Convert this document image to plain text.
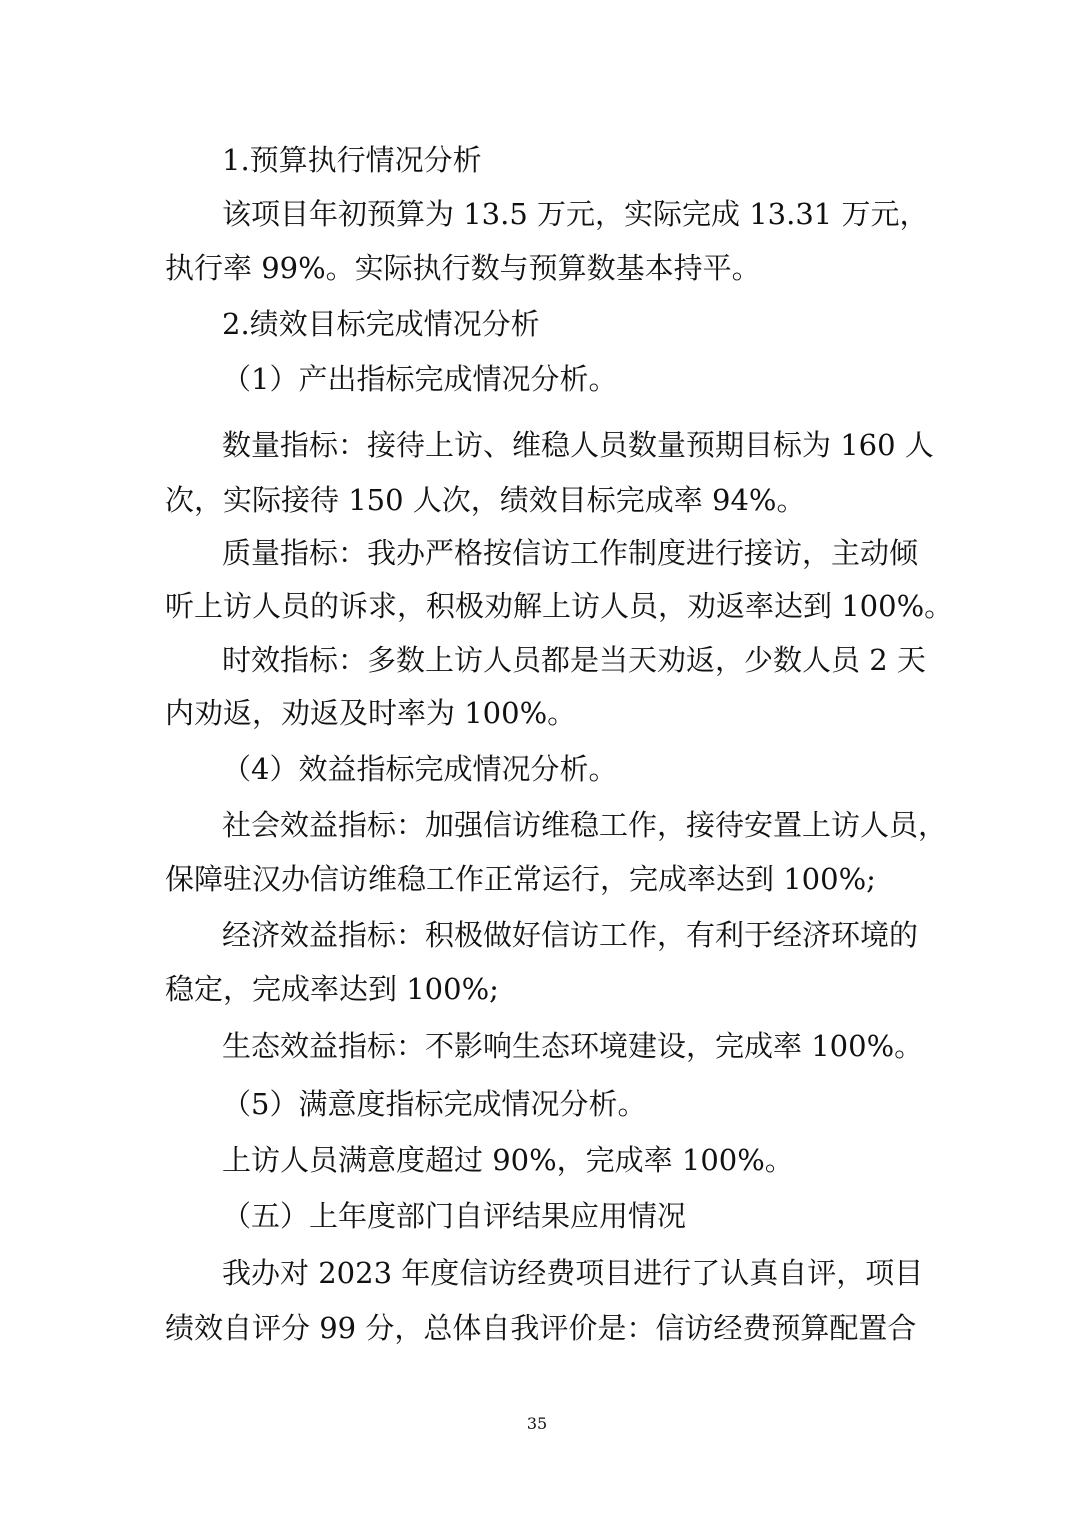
1.预算执行情况分析
该项目年初预算为 13.5 万元，实际完成 13.31 万元，
执行率 99%。实际执行数与预算数基本持平。
2.绩效目标完成情况分析
（1）产出指标完成情况分析。
数量指标：接待上访、维稳人员数量预期目标为 160 人
次，实际接待 150 人次，绩效目标完成率 94%。
质量指标：我办严格按信访工作制度进行接访，主动倾
听上访人员的诉求，积极劝解上访人员，劝返率达到 100%。
时效指标：多数上访人员都是当天劝返，少数人员 2 天
内劝返，劝返及时率为 100%。
（4）效益指标完成情况分析。
社会效益指标：加强信访维稳工作，接待安置上访人员，
保障驻汉办信访维稳工作正常运行，完成率达到 100%;
经济效益指标：积极做好信访工作，有利于经济环境的
稳定，完成率达到 100%;
生态效益指标：不影响生态环境建设，完成率 100%。
（5）满意度指标完成情况分析。
上访人员满意度超过 90%，完成率 100%。
（五）上年度部门自评结果应用情况
我办对 2023 年度信访经费项目进行了认真自评，项目
绩效自评分 99 分，总体自我评价是：信访经费预算配置合
35
